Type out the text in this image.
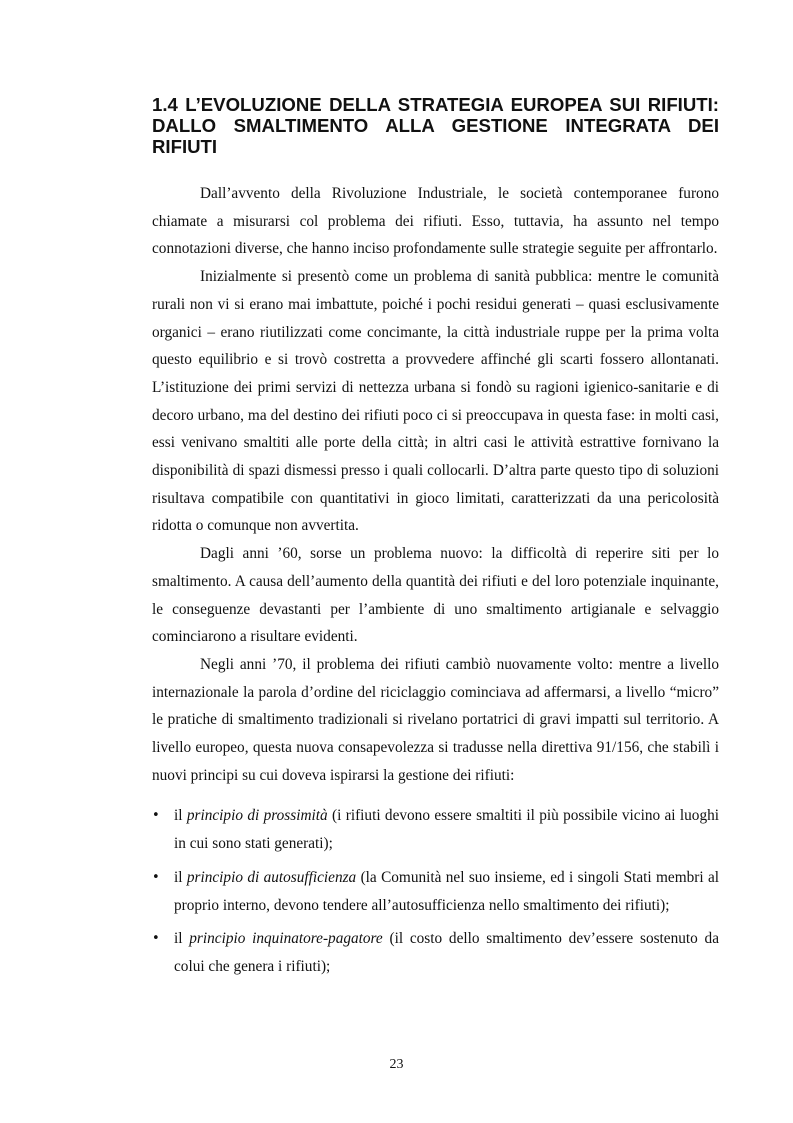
1.4 L’EVOLUZIONE DELLA STRATEGIA EUROPEA SUI RIFIUTI:
DALLO SMALTIMENTO ALLA GESTIONE INTEGRATA DEI
RIFIUTI

Dall’avvento della Rivoluzione Industriale, le società contemporanee furono chiamate a misurarsi col problema dei rifiuti. Esso, tuttavia, ha assunto nel tempo connotazioni diverse, che hanno inciso profondamente sulle strategie seguite per affrontarlo.

Inizialmente si presentò come un problema di sanità pubblica: mentre le comunità rurali non vi si erano mai imbattute, poiché i pochi residui generati – quasi esclusivamente organici – erano riutilizzati come concimante, la città industriale ruppe per la prima volta questo equilibrio e si trovò costretta a provvedere affinché gli scarti fossero allontanati. L’istituzione dei primi servizi di nettezza urbana si fondò su ragioni igienico-sanitarie e di decoro urbano, ma del destino dei rifiuti poco ci si preoccupava in questa fase: in molti casi, essi venivano smaltiti alle porte della città; in altri casi le attività estrattive fornivano la disponibilità di spazi dismessi presso i quali collocarli. D’altra parte questo tipo di soluzioni risultava compatibile con quantitativi in gioco limitati, caratterizzati da una pericolosità ridotta o comunque non avvertita.

Dagli anni ’60, sorse un problema nuovo: la difficoltà di reperire siti per lo smaltimento. A causa dell’aumento della quantità dei rifiuti e del loro potenziale inquinante, le conseguenze devastanti per l’ambiente di uno smaltimento artigianale e selvaggio cominciarono a risultare evidenti.

Negli anni ’70, il problema dei rifiuti cambiò nuovamente volto: mentre a livello internazionale la parola d’ordine del riciclaggio cominciava ad affermarsi, a livello “micro” le pratiche di smaltimento tradizionali si rivelano portatrici di gravi impatti sul territorio. A livello europeo, questa nuova consapevolezza si tradusse nella direttiva 91/156, che stabilì i nuovi principi su cui doveva ispirarsi la gestione dei rifiuti:

• il principio di prossimità (i rifiuti devono essere smaltiti il più possibile vicino ai luoghi in cui sono stati generati);
• il principio di autosufficienza (la Comunità nel suo insieme, ed i singoli Stati membri al proprio interno, devono tendere all’autosufficienza nello smaltimento dei rifiuti);
• il principio inquinatore-pagatore (il costo dello smaltimento dev’essere sostenuto da colui che genera i rifiuti);
23
